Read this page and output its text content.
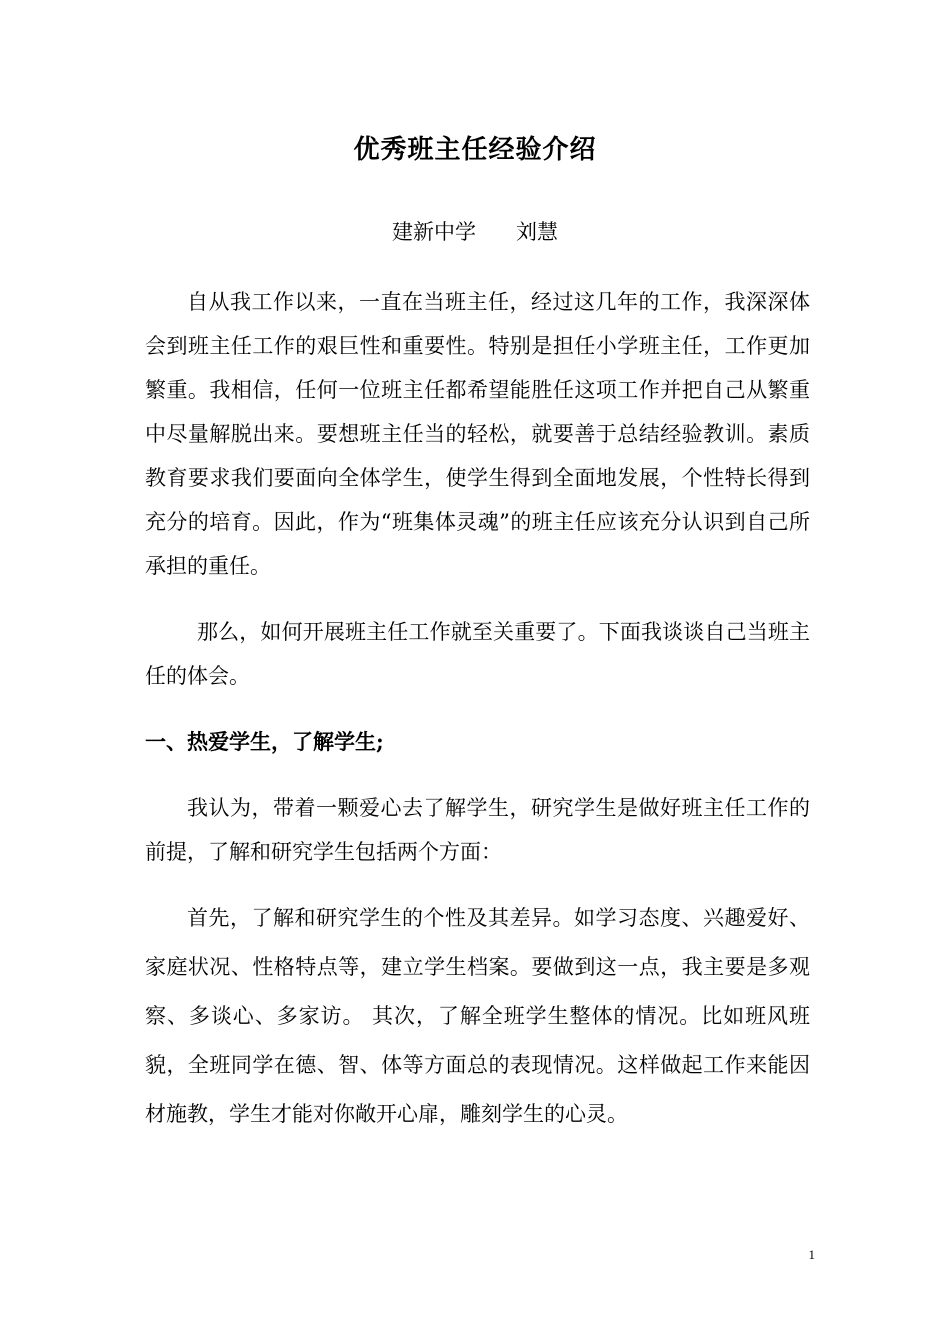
优秀班主任经验介绍
建新中学      刘慧

自从我工作以来，一直在当班主任，经过这几年的工作，我深深体会到班主任工作的艰巨性和重要性。特别是担任小学班主任，工作更加繁重。我相信，任何一位班主任都希望能胜任这项工作并把自己从繁重中尽量解脱出来。要想班主任当的轻松，就要善于总结经验教训。素质教育要求我们要面向全体学生，使学生得到全面地发展，个性特长得到充分的培育。因此，作为“班集体灵魂”的班主任应该充分认识到自己所承担的重任。

那么，如何开展班主任工作就至关重要了。下面我谈谈自己当班主任的体会。

一、热爱学生，了解学生;

我认为，带着一颗爱心去了解学生，研究学生是做好班主任工作的前提，了解和研究学生包括两个方面：

首先，了解和研究学生的个性及其差异。如学习态度、兴趣爱好、家庭状况、性格特点等，建立学生档案。要做到这一点，我主要是多观察、多谈心、多家访。 其次，了解全班学生整体的情况。比如班风班貌，全班同学在德、智、体等方面总的表现情况。这样做起工作来能因材施教，学生才能对你敞开心扉，雕刻学生的心灵。

1
